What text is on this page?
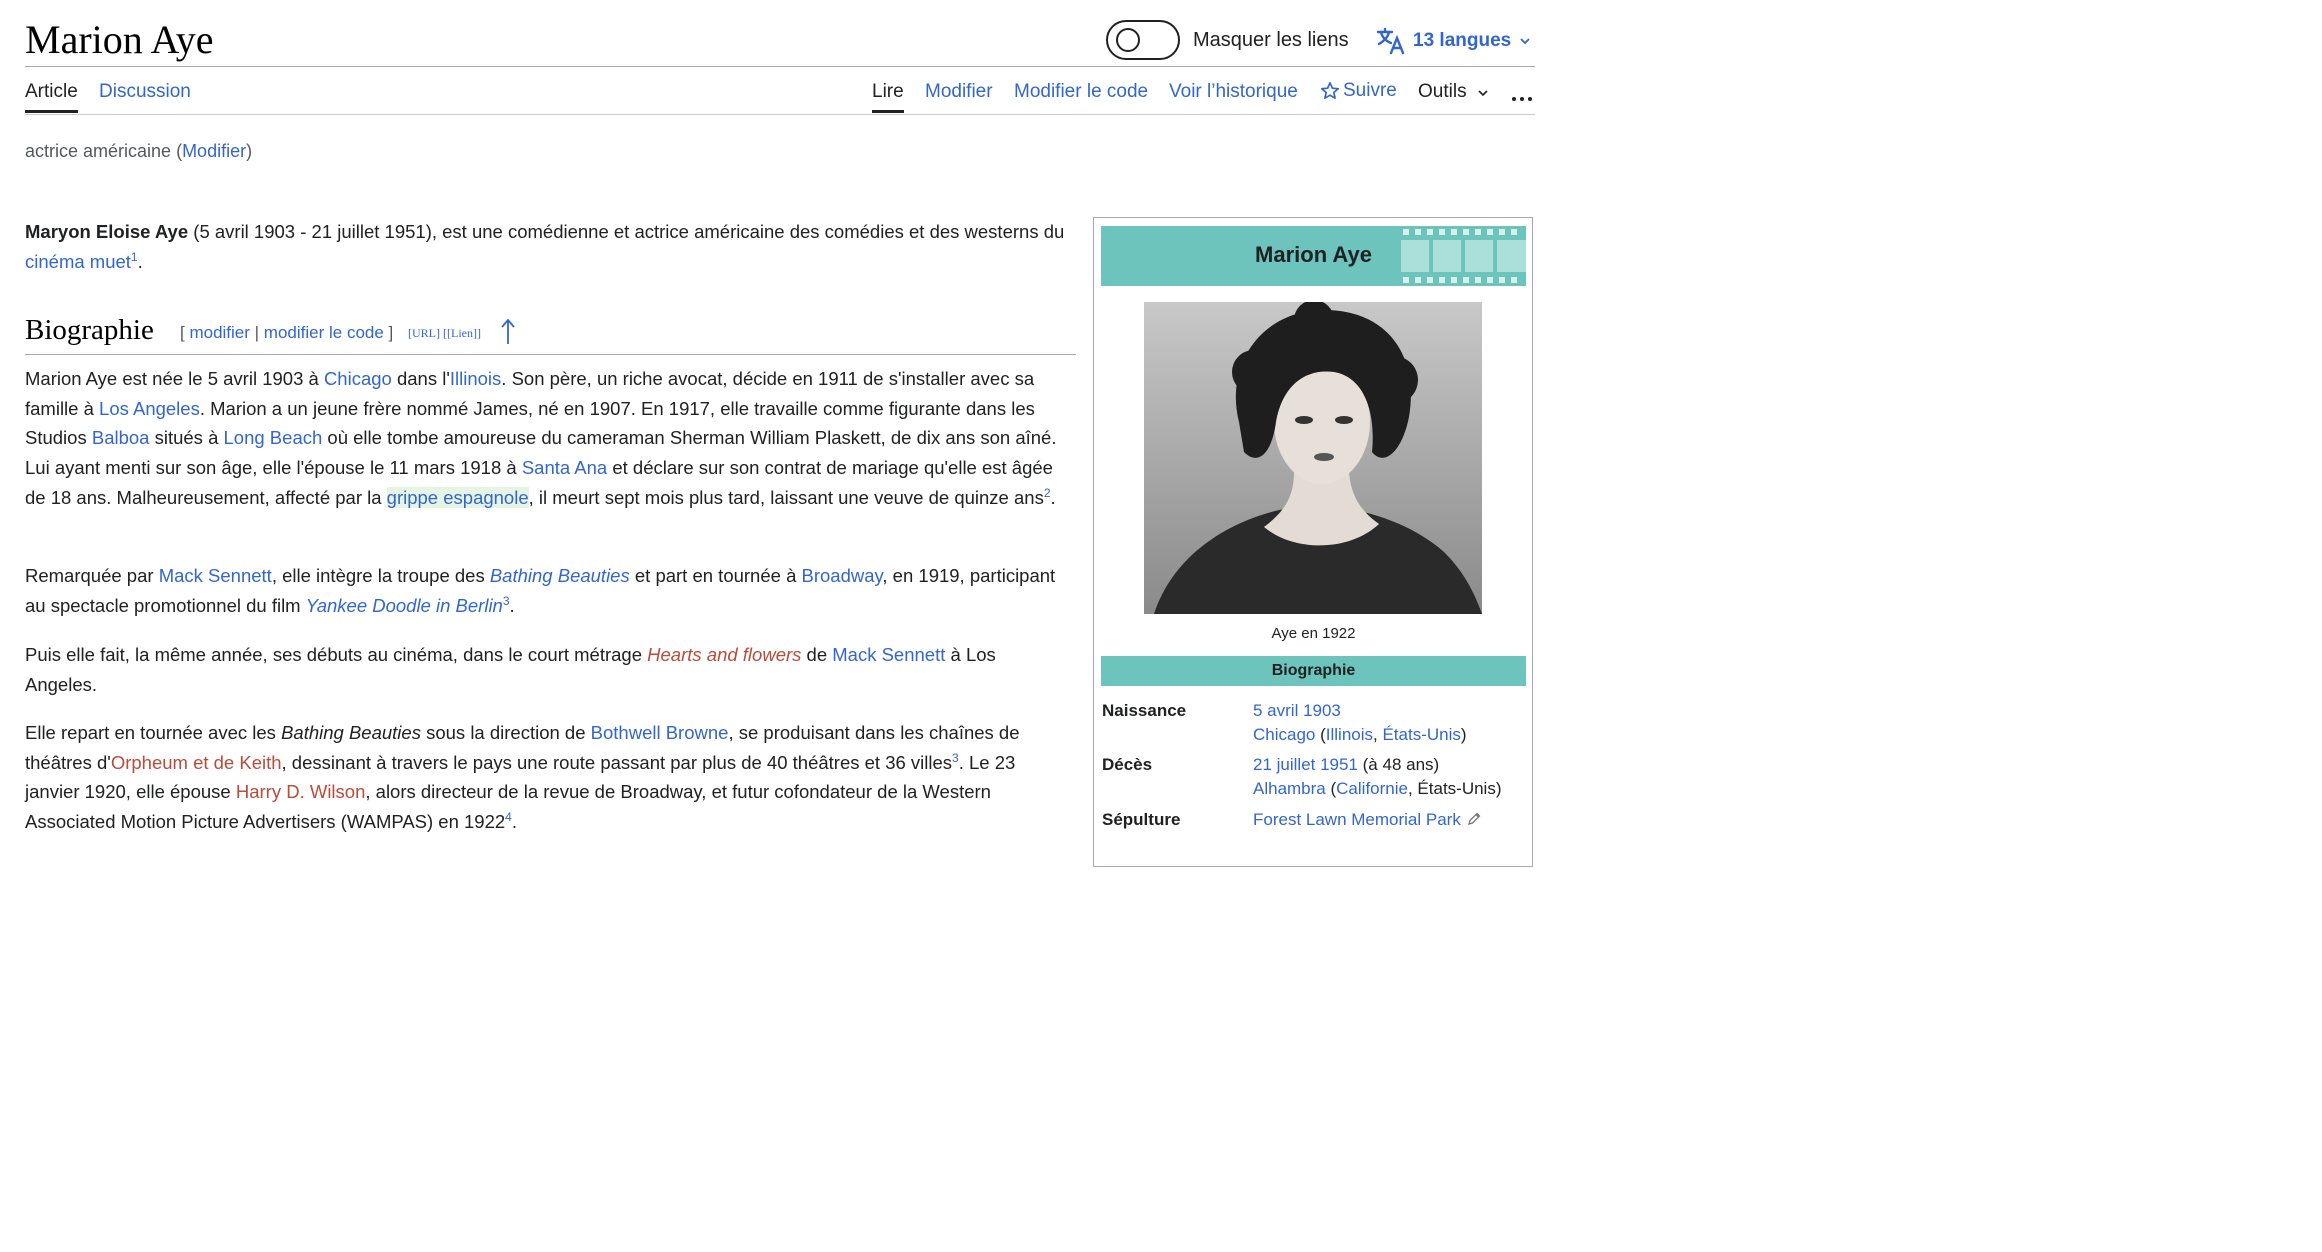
Marion Aye	Masquer les liens	13 langues
Article Discussion	Lire Modifier Modifier le code Voir l’historique Suivre Outils
actrice américaine (Modifier)
Maryon Eloise Aye (5 avril 1903 - 21 juillet 1951), est une comédienne et actrice américaine des comédies et des westerns du cinéma muet$^1$.
Biographie [ modifier | modifier le code ] [URL] [[Lien]]
Marion Aye est née le 5 avril 1903 à Chicago dans l'Illinois. Son père, un riche avocat, décide en 1911 de s'installer avec sa famille à Los Angeles. Marion a un jeune frère nommé James, né en 1907. En 1917, elle travaille comme figurante dans les Studios Balboa situés à Long Beach où elle tombe amoureuse du cameraman Sherman William Plaskett, de dix ans son aîné. Lui ayant menti sur son âge, elle l'épouse le 11 mars 1918 à Santa Ana et déclare sur son contrat de mariage qu'elle est âgée de 18 ans. Malheureusement, affecté par la grippe espagnole, il meurt sept mois plus tard, laissant une veuve de quinze ans$^2$.
Remarquée par Mack Sennett, elle intègre la troupe des Bathing Beauties et part en tournée à Broadway, en 1919, participant au spectacle promotionnel du film Yankee Doodle in Berlin$^3$.
Puis elle fait, la même année, ses débuts au cinéma, dans le court métrage Hearts and flowers de Mack Sennett à Los Angeles.
Elle repart en tournée avec les Bathing Beauties sous la direction de Bothwell Browne, se produisant dans les chaînes de théâtres d'Orpheum et de Keith, dessinant à travers le pays une route passant par plus de 40 théâtres et 36 villes$^3$. Le 23 janvier 1920, elle épouse Harry D. Wilson, alors directeur de la revue de Broadway, et futur cofondateur de la Western Associated Motion Picture Advertisers (WAMPAS) en 1922$^4$.
Marion Aye
Aye en 1922
Biographie
Naissance	5 avril 1903
Chicago (Illinois, États-Unis)
Décès	21 juillet 1951 (à 48 ans)
Alhambra (Californie, États-Unis)
Sépulture	Forest Lawn Memorial Park
